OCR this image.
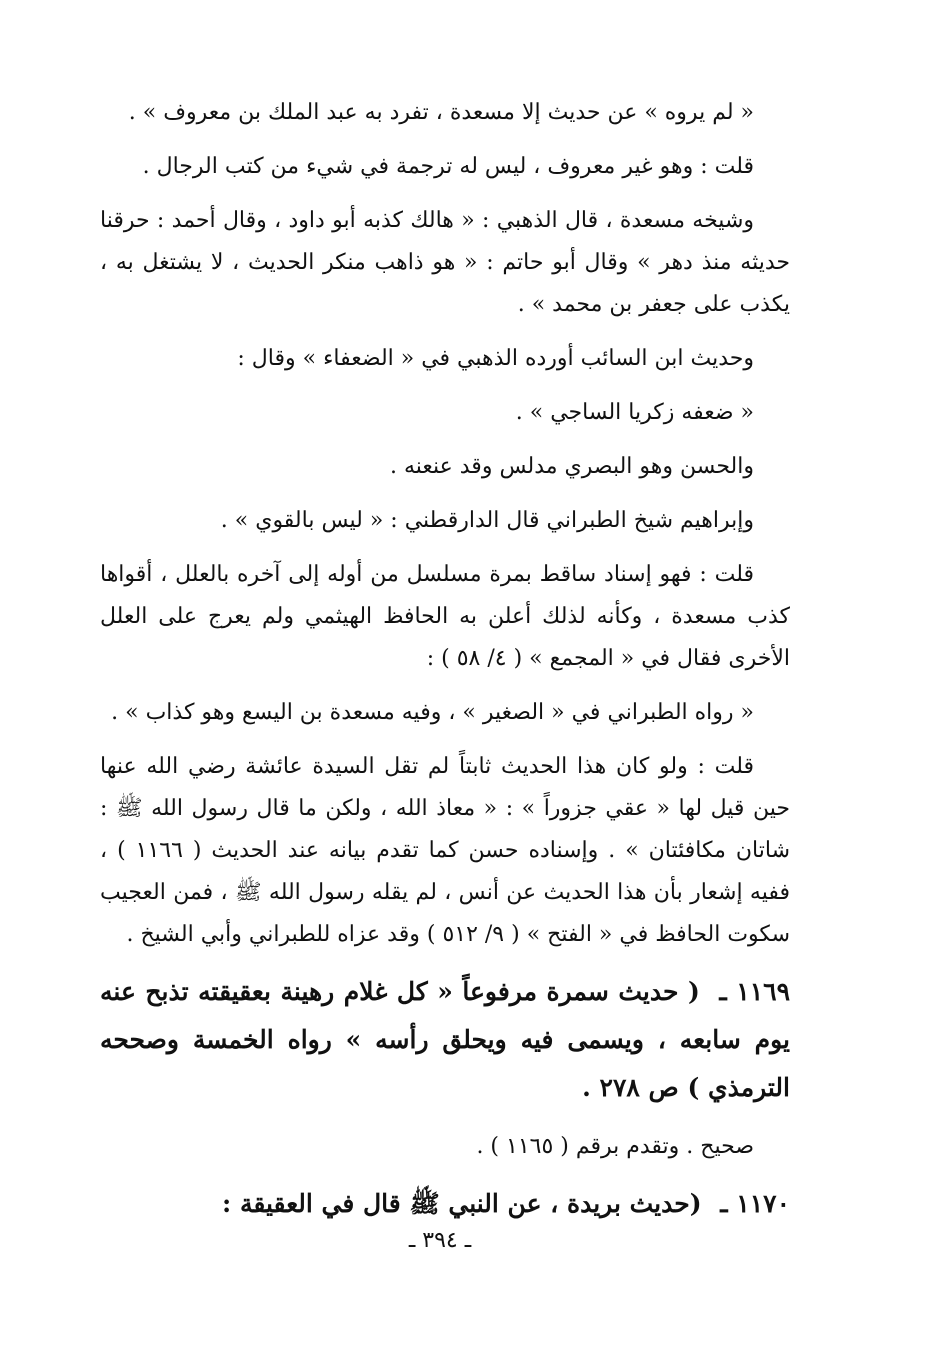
« لم يروه » عن حديث إلا مسعدة ، تفرد به عبد الملك بن معروف » .

قلت : وهو غير معروف ، ليس له ترجمة في شيء من كتب الرجال .

وشيخه مسعدة ، قال الذهبي : « هالك كذبه أبو داود ، وقال أحمد : حرقنا حديثه منذ دهر » وقال أبو حاتم : « هو ذاهب منكر الحديث ، لا يشتغل به ، يكذب على جعفر بن محمد » .

وحديث ابن السائب أورده الذهبي في « الضعفاء » وقال :

« ضعفه زكريا الساجي » .

والحسن وهو البصري مدلس وقد عنعنه .

وإبراهيم شيخ الطبراني قال الدارقطني : « ليس بالقوي » .

قلت : فهو إسناد ساقط بمرة مسلسل من أوله إلى آخره بالعلل ، أقواها كذب مسعدة ، وكأنه لذلك أعلن به الحافظ الهيثمي ولم يعرج على العلل الأخرى فقال في « المجمع » ( ٤/ ٥٨ ) :

« رواه الطبراني في « الصغير » ، وفيه مسعدة بن اليسع وهو كذاب » .

قلت : ولو كان هذا الحديث ثابتاً لم تقل السيدة عائشة رضي الله عنها حين قيل لها « عقي جزوراً » : « معاذ الله ، ولكن ما قال رسول الله ﷺ : شاتان مكافئتان » . وإسناده حسن كما تقدم بيانه عند الحديث ( ١١٦٦ ) ، ففيه إشعار بأن هذا الحديث عن أنس ، لم يقله رسول الله ﷺ ، فمن العجيب سكوت الحافظ في « الفتح » ( ٩/ ٥١٢ ) وقد عزاه للطبراني وأبي الشيخ .

١١٦٩ ـ ( حديث سمرة مرفوعاً « كل غلام رهينة بعقيقته تذبح عنه يوم سابعه ، ويسمى فيه ويحلق رأسه » رواه الخمسة وصححه الترمذي ) ص ٢٧٨ .

صحيح . وتقدم برقم ( ١١٦٥ ) .

١١٧٠ ـ (حديث بريدة ، عن النبي ﷺ قال في العقيقة :

ـ ٣٩٤ ـ
